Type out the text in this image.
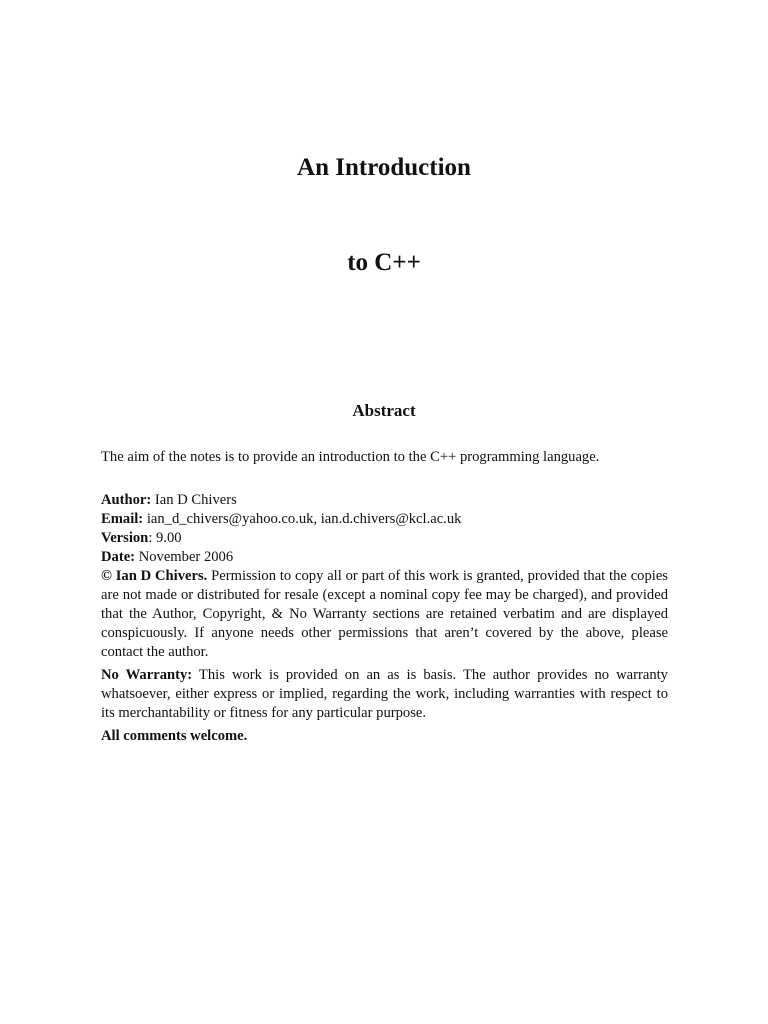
An Introduction
to C++
Abstract

The aim of the notes is to provide an introduction to the C++ programming language.

Author: Ian D Chivers
Email: ian_d_chivers@yahoo.co.uk, ian.d.chivers@kcl.ac.uk
Version: 9.00
Date: November 2006
© Ian D Chivers. Permission to copy all or part of this work is granted, provided that the copies are not made or distributed for resale (except a nominal copy fee may be charged), and provided that the Author, Copyright, & No Warranty sections are retained verbatim and are displayed conspicuously. If anyone needs other permissions that aren’t covered by the above, please contact the author.
No Warranty: This work is provided on an as is basis. The author provides no warranty whatsoever, either express or implied, regarding the work, including warranties with respect to its merchantability or fitness for any particular purpose.
All comments welcome.
